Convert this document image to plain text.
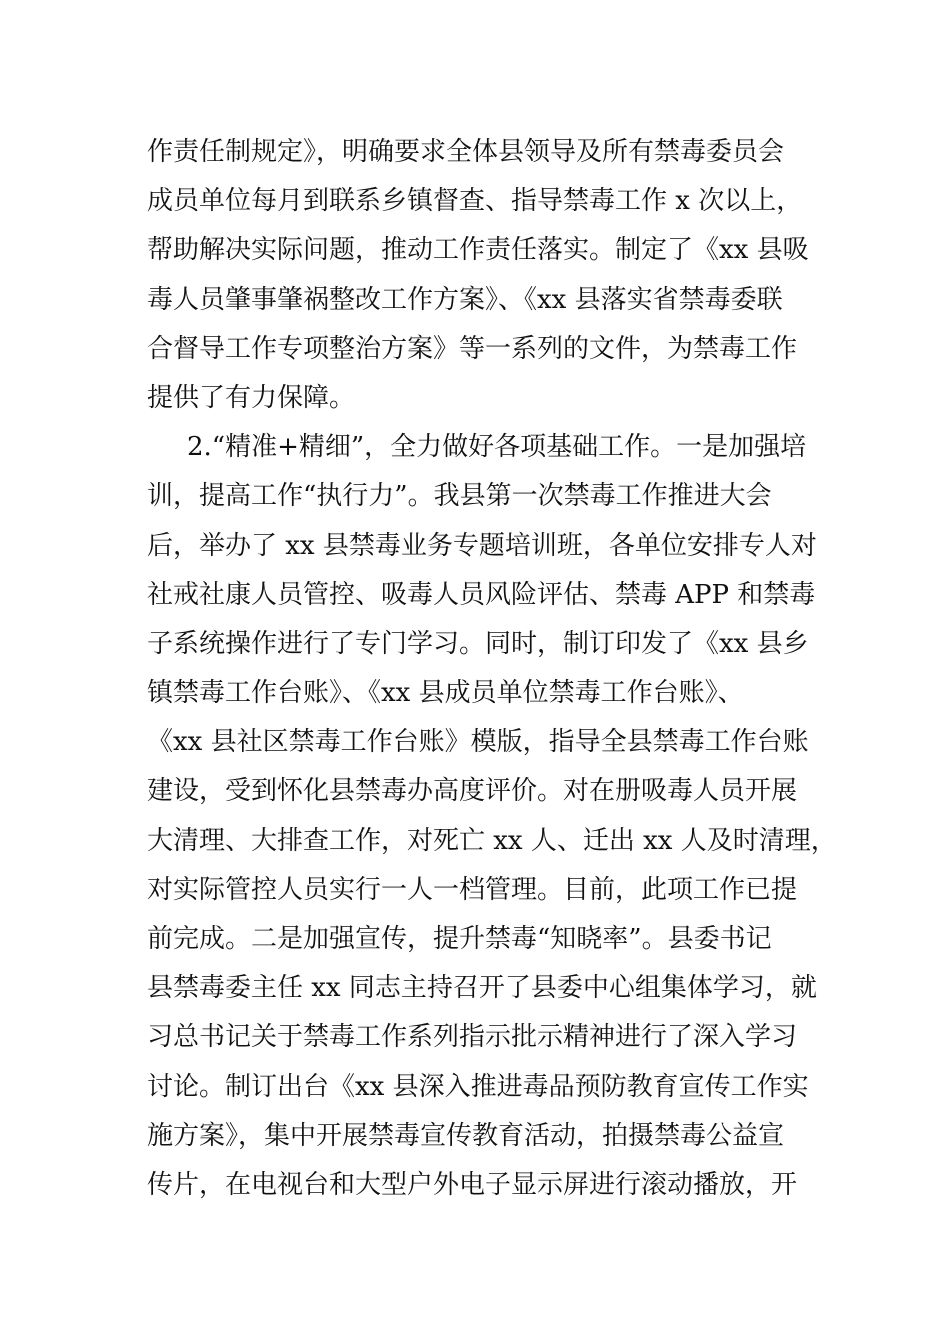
作责任制规定》，明确要求全体县领导及所有禁毒委员会
成员单位每月到联系乡镇督查、指导禁毒工作 x 次以上，
帮助解决实际问题，推动工作责任落实。制定了《xx 县吸
毒人员肇事肇祸整改工作方案》、《xx 县落实省禁毒委联
合督导工作专项整治方案》等一系列的文件，为禁毒工作
提供了有力保障。
2.“精准+精细”，全力做好各项基础工作。一是加强培
训，提高工作“执行力”。我县第一次禁毒工作推进大会
后，举办了 xx 县禁毒业务专题培训班，各单位安排专人对
社戒社康人员管控、吸毒人员风险评估、禁毒 APP 和禁毒
子系统操作进行了专门学习。同时，制订印发了《xx 县乡
镇禁毒工作台账》、《xx 县成员单位禁毒工作台账》、
《xx 县社区禁毒工作台账》模版，指导全县禁毒工作台账
建设，受到怀化县禁毒办高度评价。对在册吸毒人员开展
大清理、大排查工作，对死亡 xx 人、迁出 xx 人及时清理，
对实际管控人员实行一人一档管理。目前，此项工作已提
前完成。二是加强宣传，提升禁毒“知晓率”。县委书记
县禁毒委主任 xx 同志主持召开了县委中心组集体学习，就
习总书记关于禁毒工作系列指示批示精神进行了深入学习
讨论。制订出台《xx 县深入推进毒品预防教育宣传工作实
施方案》，集中开展禁毒宣传教育活动，拍摄禁毒公益宣
传片，在电视台和大型户外电子显示屏进行滚动播放，开
